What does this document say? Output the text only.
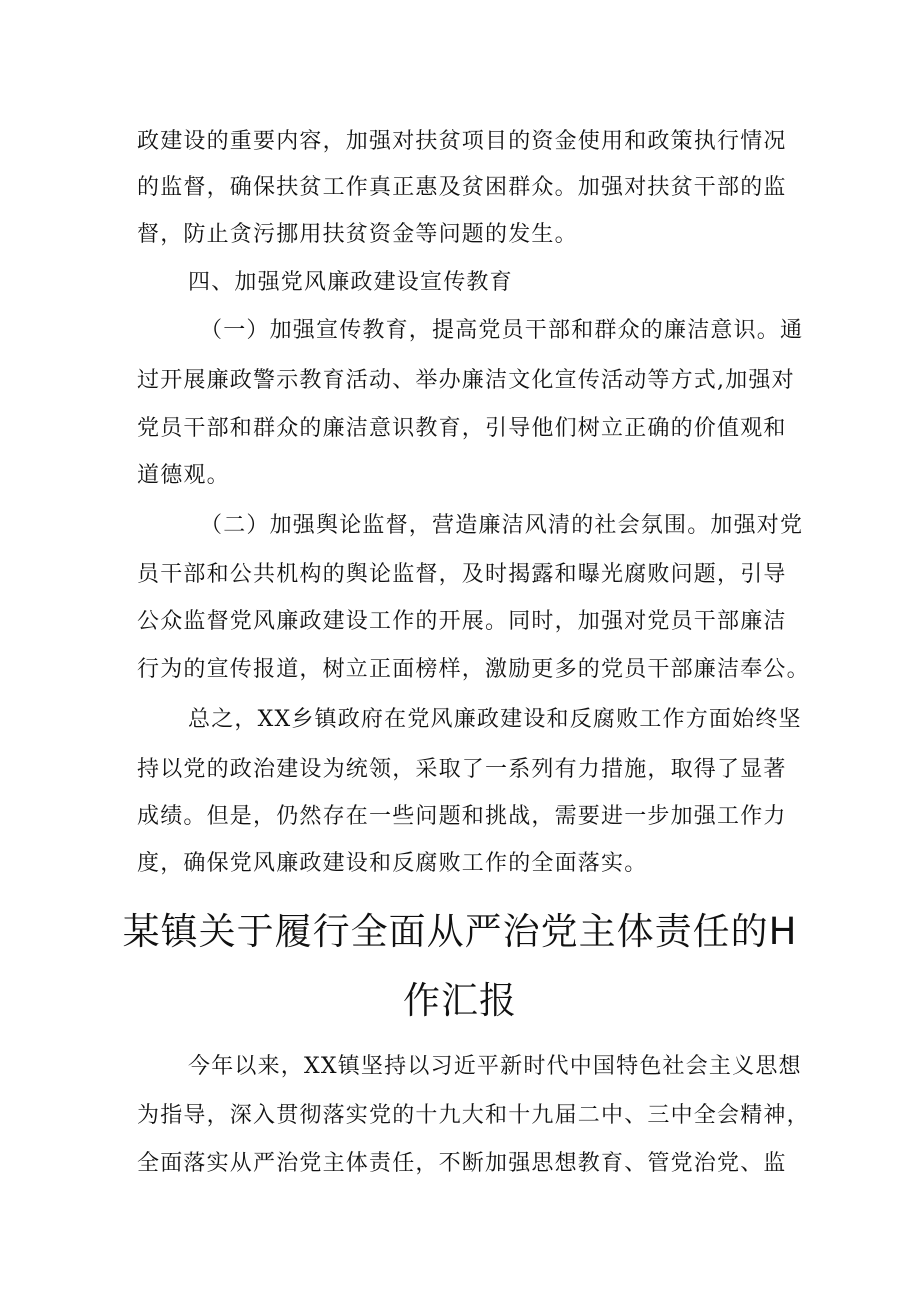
政建设的重要内容，加强对扶贫项目的资金使用和政策执行情况
的监督，确保扶贫工作真正惠及贫困群众。加强对扶贫干部的监
督，防止贪污挪用扶贫资金等问题的发生。
四、加强党风廉政建设宣传教育
（一）加强宣传教育，提高党员干部和群众的廉洁意识。通
过开展廉政警示教育活动、举办廉洁文化宣传活动等方式,加强对
党员干部和群众的廉洁意识教育，引导他们树立正确的价值观和
道德观。
（二）加强舆论监督，营造廉洁风清的社会氛围。加强对党
员干部和公共机构的舆论监督，及时揭露和曝光腐败问题，引导
公众监督党风廉政建设工作的开展。同时，加强对党员干部廉洁
行为的宣传报道，树立正面榜样，激励更多的党员干部廉洁奉公。
总之，XX乡镇政府在党风廉政建设和反腐败工作方面始终坚
持以党的政治建设为统领，采取了一系列有力措施，取得了显著
成绩。但是，仍然存在一些问题和挑战，需要进一步加强工作力
度，确保党风廉政建设和反腐败工作的全面落实。
某镇关于履行全面从严治党主体责任的H
作汇报
今年以来，XX镇坚持以习近平新时代中国特色社会主义思想
为指导，深入贯彻落实党的十九大和十九届二中、三中全会精神，
全面落实从严治党主体责任，不断加强思想教育、管党治党、监
